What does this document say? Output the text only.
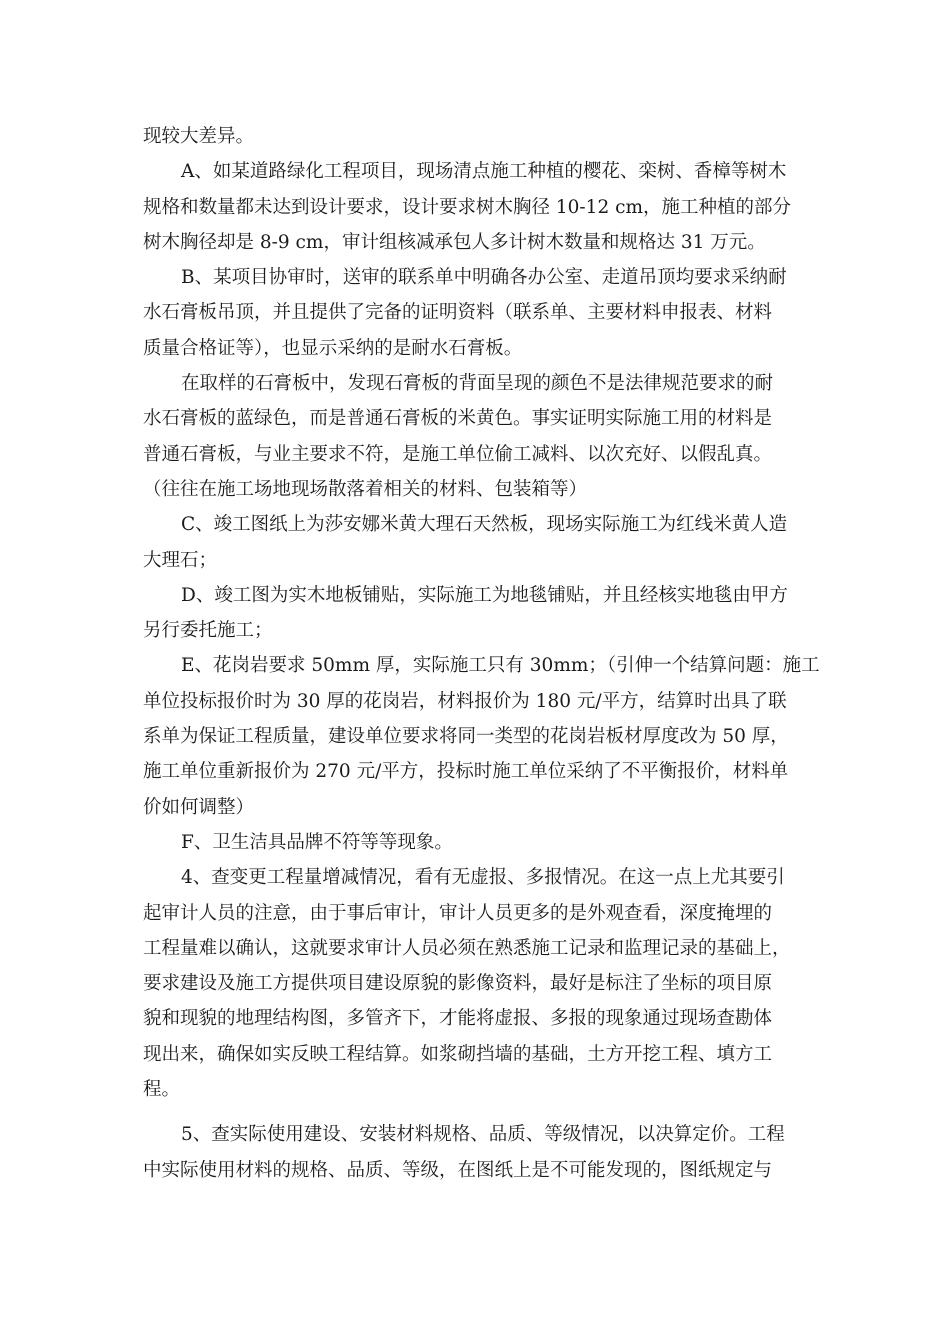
现较大差异。
A、如某道路绿化工程项目，现场清点施工种植的樱花、栾树、香樟等树木
规格和数量都未达到设计要求，设计要求树木胸径 10-12 cm，施工种植的部分
树木胸径却是 8-9 cm，审计组核减承包人多计树木数量和规格达 31 万元。
B、某项目协审时，送审的联系单中明确各办公室、走道吊顶均要求采纳耐
水石膏板吊顶，并且提供了完备的证明资料（联系单、主要材料申报表、材料
质量合格证等），也显示采纳的是耐水石膏板。
在取样的石膏板中，发现石膏板的背面呈现的颜色不是法律规范要求的耐
水石膏板的蓝绿色，而是普通石膏板的米黄色。事实证明实际施工用的材料是
普通石膏板，与业主要求不符，是施工单位偷工减料、以次充好、以假乱真。
（往往在施工场地现场散落着相关的材料、包装箱等）
C、竣工图纸上为莎安娜米黄大理石天然板，现场实际施工为红线米黄人造
大理石；
D、竣工图为实木地板铺贴，实际施工为地毯铺贴，并且经核实地毯由甲方
另行委托施工；
E、花岗岩要求 50mm 厚，实际施工只有 30mm；（引伸一个结算问题：施工
单位投标报价时为 30 厚的花岗岩，材料报价为 180 元/平方，结算时出具了联
系单为保证工程质量，建设单位要求将同一类型的花岗岩板材厚度改为 50 厚，
施工单位重新报价为 270 元/平方，投标时施工单位采纳了不平衡报价，材料单
价如何调整）
F、卫生洁具品牌不符等等现象。
4、查变更工程量增减情况，看有无虚报、多报情况。在这一点上尤其要引
起审计人员的注意，由于事后审计，审计人员更多的是外观查看，深度掩埋的
工程量难以确认，这就要求审计人员必须在熟悉施工记录和监理记录的基础上，
要求建设及施工方提供项目建设原貌的影像资料，最好是标注了坐标的项目原
貌和现貌的地理结构图，多管齐下，才能将虚报、多报的现象通过现场查勘体
现出来，确保如实反映工程结算。如浆砌挡墙的基础，土方开挖工程、填方工
程。
5、查实际使用建设、安装材料规格、品质、等级情况，以决算定价。工程
中实际使用材料的规格、品质、等级，在图纸上是不可能发现的，图纸规定与
